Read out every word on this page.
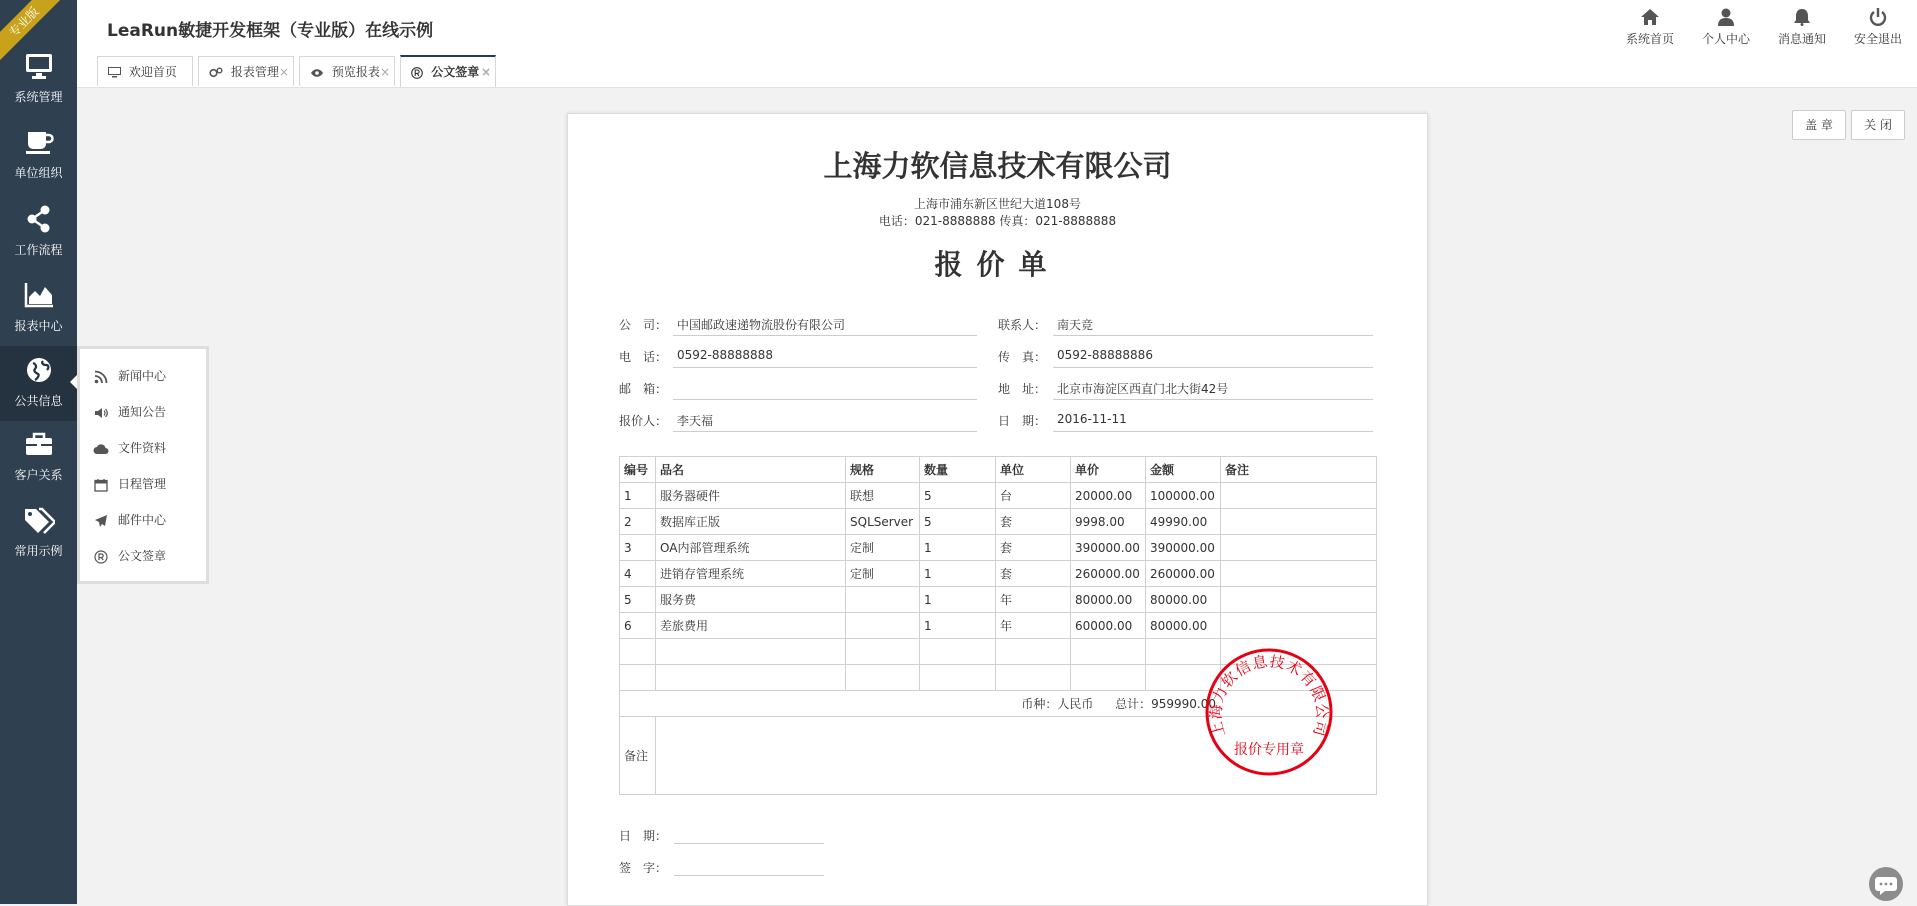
专业版
系统管理
单位组织
工作流程
报表中心
公共信息
客户关系
常用示例
LeaRun敏捷开发框架（专业版）在线示例	系统首页	个人中心	消息通知	安全退出
欢迎首页	报表管理 ×	预览报表 ×	公文签章 ×
新闻中心
通知公告
文件资料
日程管理
邮件中心
公文签章
盖 章	关 闭
上海力软信息技术有限公司
上海市浦东新区世纪大道108号
电话：021-8888888 传真：021-8888888
报价单
公　司： 中国邮政速递物流股份有限公司	联系人： 南天竞
电　话： 0592-88888888	传　真： 0592-88888886
邮　箱：	地　址： 北京市海淀区西直门北大街42号
报价人： 李天福	日　期： 2016-11-11
编号	品名	规格	数量	单位	单价	金额	备注
1	服务器硬件	联想	5	台	20000.00	100000.00	
2	数据库正版	SQLServer	5	套	9998.00	49990.00	
3	OA内部管理系统	定制	1	套	390000.00	390000.00	
4	进销存管理系统	定制	1	套	260000.00	260000.00	
5	服务费		1	年	80000.00	80000.00	
6	差旅费用		1	年	60000.00	80000.00	

币种：人民币 总计：959990.00							
备注							
日　期：
签　字：
上海力软信息技术有限公司
报价专用章
